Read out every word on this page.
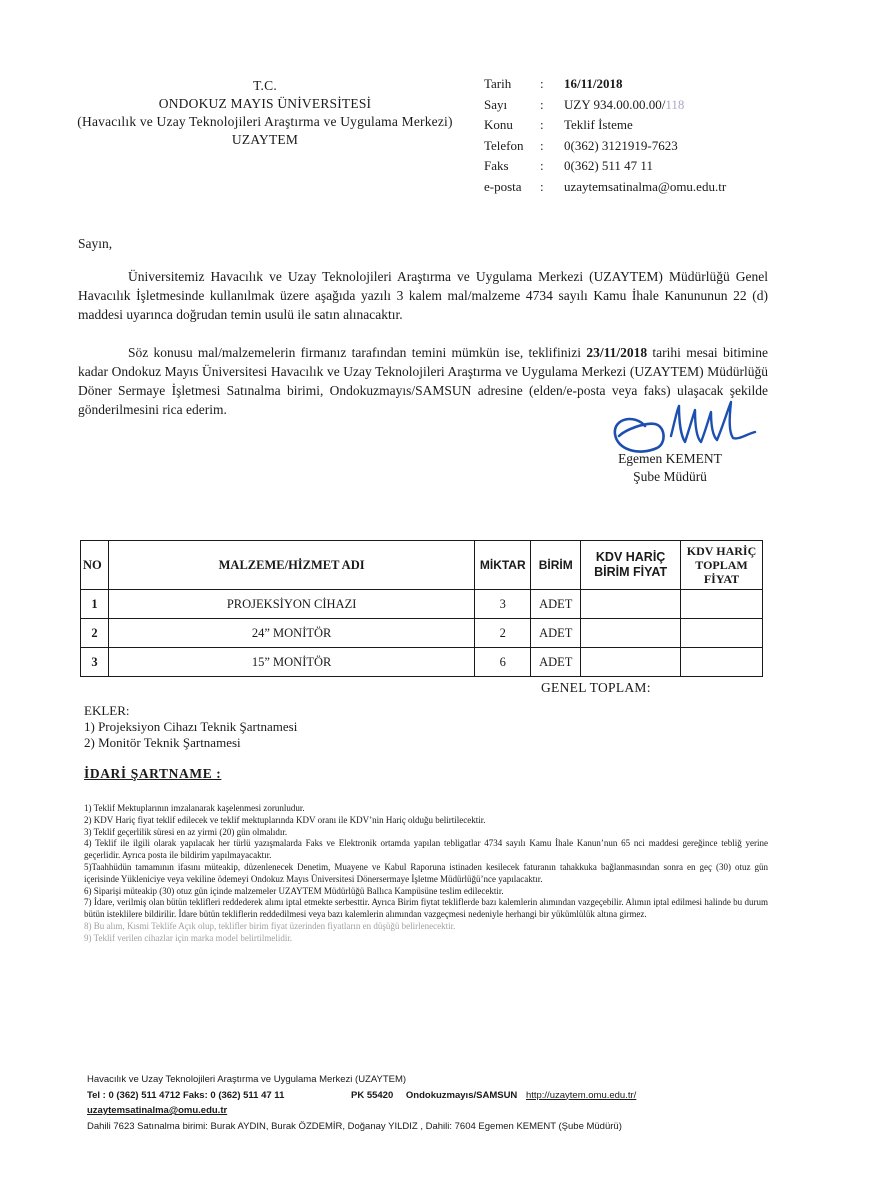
T.C.
ONDOKUZ MAYIS ÜNİVERSİTESİ
(Havacılık ve Uzay Teknolojileri Araştırma ve Uygulama Merkezi)
UZAYTEM
Tarih	:	16/11/2018
Sayı	:	UZY 934.00.00.00/118
Konu	:	Teklif İsteme
Telefon	:	0(362) 3121919-7623
Faks	:	0(362) 511 47 11
e-posta	:	uzaytemsatinalma@omu.edu.tr
Sayın,
Üniversitemiz Havacılık ve Uzay Teknolojileri Araştırma ve Uygulama Merkezi (UZAYTEM) Müdürlüğü Genel Havacılık İşletmesinde kullanılmak üzere aşağıda yazılı 3 kalem mal/malzeme 4734 sayılı Kamu İhale Kanununun 22 (d) maddesi uyarınca doğrudan temin usulü ile satın alınacaktır.
Söz konusu mal/malzemelerin firmanız tarafından temini mümkün ise, teklifinizi 23/11/2018 tarihi mesai bitimine kadar Ondokuz Mayıs Üniversitesi Havacılık ve Uzay Teknolojileri Araştırma ve Uygulama Merkezi (UZAYTEM) Müdürlüğü Döner Sermaye İşletmesi Satınalma birimi, Ondokuzmayıs/SAMSUN adresine (elden/e-posta veya faks) ulaşacak şekilde gönderilmesini rica ederim.
Egemen KEMENT
Şube Müdürü
NO	MALZEME/HİZMET ADI	MİKTAR	BİRİM	KDV HARİÇ BİRİM FİYAT	KDV HARİÇ TOPLAM FİYAT
1	PROJEKSİYON CİHAZI	3	ADET		
2	24” MONİTÖR	2	ADET		
3	15” MONİTÖR	6	ADET		
GENEL TOPLAM:
EKLER:
1) Projeksiyon Cihazı Teknik Şartnamesi
2) Monitör Teknik Şartnamesi
İDARİ ŞARTNAME :
1) Teklif Mektuplarının imzalanarak kaşelenmesi zorunludur.
2) KDV Hariç fiyat teklif edilecek ve teklif mektuplarında KDV oranı ile KDV’nin Hariç olduğu belirtilecektir.
3) Teklif geçerlilik süresi en az yirmi (20) gün olmalıdır.
4) Teklif ile ilgili olarak yapılacak her türlü yazışmalarda Faks ve Elektronik ortamda yapılan tebligatlar 4734 sayılı Kamu İhale Kanun’nun 65 nci maddesi gereğince tebliğ yerine geçerlidir. Ayrıca posta ile bildirim yapılmayacaktır.
5)Taahhüdün tamamının ifasını müteakip, düzenlenecek Denetim, Muayene ve Kabul Raporuna istinaden kesilecek faturanın tahakkuka bağlanmasından sonra en geç (30) otuz gün içerisinde Yükleniciye veya vekiline ödemeyi Ondokuz Mayıs Üniversitesi Dönersermaye İşletme Müdürlüğü’nce yapılacaktır.
6) Siparişi müteakip (30) otuz gün içinde malzemeler UZAYTEM Müdürlüğü Ballıca Kampüsüne teslim edilecektir.
7) İdare, verilmiş olan bütün teklifleri reddederek alımı iptal etmekte serbesttir. Ayrıca Birim fiytat tekliflerde bazı kalemlerin alımından vazgeçebilir. Alımın iptal edilmesi halinde bu durum bütün isteklilere bildirilir. İdare bütün tekliflerin reddedilmesi veya bazı kalemlerin alımından vazgeçmesi nedeniyle herhangi bir yükümlülük altına girmez.
8) Bu alım, Kısmi Teklife Açık olup, teklifler birim fiyat üzerinden fiyatların en düşüğü belirlenecektir.
9) Teklif verilen cihazlar için marka model belirtilmelidir.
Havacılık ve Uzay Teknolojileri Araştırma ve Uygulama Merkezi (UZAYTEM)
Tel : 0 (362) 511 4712 Faks: 0 (362) 511 47 11	PK 55420 Ondokuzmayıs/SAMSUN http://uzaytem.omu.edu.tr/
uzaytemsatinalma@omu.edu.tr
Dahili 7623 Satınalma birimi: Burak AYDIN, Burak ÖZDEMİR, Doğanay YILDIZ , Dahili: 7604 Egemen KEMENT (Şube Müdürü)
